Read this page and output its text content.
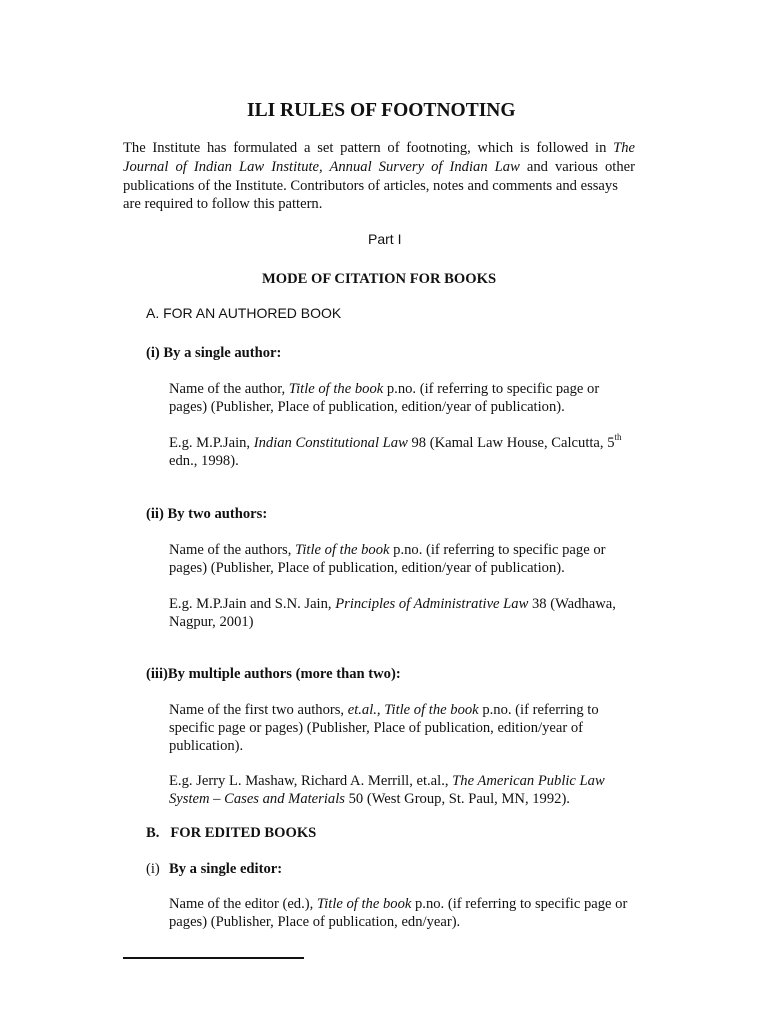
ILI RULES OF FOOTNOTING
The Institute has formulated a set pattern of footnoting, which is followed in The
Journal of Indian Law Institute, Annual Survery of Indian Law and various other
publications of the Institute. Contributors of articles, notes and comments and essays
are required to follow this pattern.
Part I
MODE OF CITATION FOR BOOKS
A. FOR AN AUTHORED BOOK
(i) By a single author:
Name of the author, Title of the book p.no. (if referring to specific page or
pages) (Publisher, Place of publication, edition/year of publication).
E.g. M.P.Jain, Indian Constitutional Law 98 (Kamal Law House, Calcutta, 5th
edn., 1998).
(ii) By two authors:
Name of the authors, Title of the book p.no. (if referring to specific page or
pages) (Publisher, Place of publication, edition/year of publication).
E.g. M.P.Jain and S.N. Jain, Principles of Administrative Law 38 (Wadhawa,
Nagpur, 2001)
(iii)By multiple authors (more than two):
Name of the first two authors, et.al., Title of the book p.no. (if referring to
specific page or pages) (Publisher, Place of publication, edition/year of
publication).
E.g. Jerry L. Mashaw, Richard A. Merrill, et.al., The American Public Law
System – Cases and Materials 50 (West Group, St. Paul, MN, 1992).
B.   FOR EDITED BOOKS
(i) By a single editor:
Name of the editor (ed.), Title of the book p.no. (if referring to specific page or
pages) (Publisher, Place of publication, edn/year).
